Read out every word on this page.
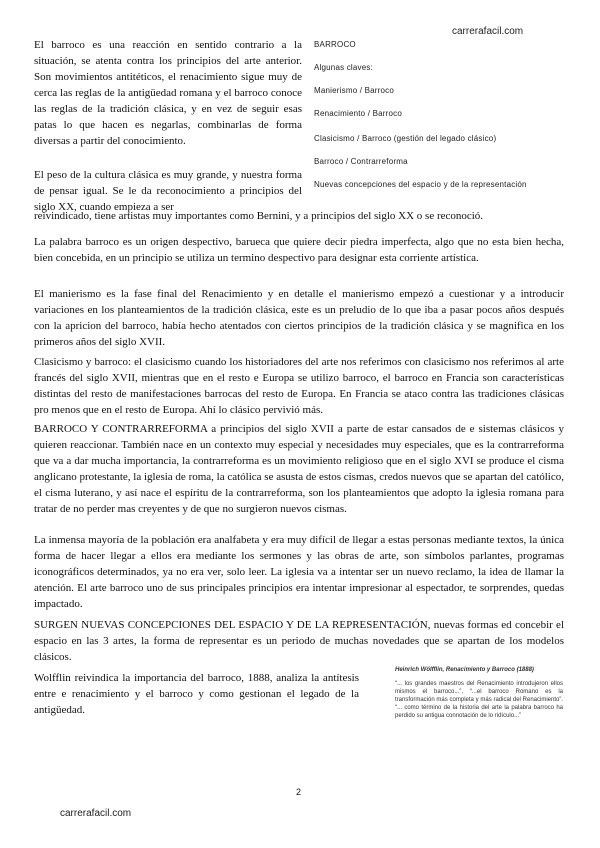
carrerafacil.com
BARROCO
Algunas claves:
Manierismo / Barroco
Renacimiento / Barroco
Clasicismo / Barroco (gestión del legado clásico)
Barroco / Contrarreforma
Nuevas concepciones del espacio y de la representación

El barroco es una reacción en sentido contrario a la situación, se atenta contra los principios del arte anterior. Son movimientos antitéticos, el renacimiento sigue muy de cerca las reglas de la antigüedad romana y el barroco conoce las reglas de la tradición clásica, y en vez de seguir esas patas lo que hacen es negarlas, combinarlas de forma diversas a partir del conocimiento.

El peso de la cultura clásica es muy grande, y nuestra forma de pensar igual. Se le da reconocimiento a principios del siglo XX, cuando empieza a ser

reivindicado, tiene artistas muy importantes como Bernini, y a principios del siglo XX o se reconoció.

La palabra barroco es un origen despectivo, barueca que quiere decir piedra imperfecta, algo que no esta bien hecha, bien concebida, en un principio se utiliza un termino despectivo para designar esta corriente artística.

El manierismo es la fase final del Renacimiento y en detalle el manierismo empezó a cuestionar y a introducir variaciones en los planteamientos de la tradición clásica, este es un preludio de lo que iba a pasar pocos años después con la apricion del barroco, había hecho atentados con ciertos principios de la tradición clásica y se magnifica en los primeros años del siglo XVII.

Clasicismo y barroco: el clasicismo cuando los historiadores del arte nos referimos con clasicismo nos referimos al arte francés del siglo XVII, mientras que en el resto e Europa se utilizo barroco, el barroco en Francia son características distintas del resto de manifestaciones barrocas del resto de Europa. En Francia se ataco contra las tradiciones clásicas pro menos que en el resto de Europa. Ahí lo clásico pervivió más.

BARROCO Y CONTRARREFORMA a principios del siglo XVII a parte de estar cansados de e sistemas clásicos y quieren reaccionar. También nace en un contexto muy especial y necesidades muy especiales, que es la contrarreforma que va a dar mucha importancia, la contrarreforma es un movimiento religioso que en el siglo XVI se produce el cisma anglicano protestante, la iglesia de roma, la católica se asusta de estos cismas, credos nuevos que se apartan del católico, el cisma luterano, y así nace el espíritu de la contrarreforma, son los planteamientos que adopto la iglesia romana para tratar de no perder mas creyentes y de que no surgieron nuevos cismas.

La inmensa mayoría de la población era analfabeta y era muy difícil de llegar a estas personas mediante textos, la única forma de hacer llegar a ellos era mediante los sermones y las obras de arte, son símbolos parlantes, programas iconográficos determinados, ya no era ver, solo leer. La iglesia va a intentar ser un nuevo reclamo, la idea de llamar la atención. El arte barroco uno de sus principales principios era intentar impresionar al espectador, te sorprendes, quedas impactado.

SURGEN NUEVAS CONCEPCIONES DEL ESPACIO Y DE LA REPRESENTACIÓN, nuevas formas ed concebir el espacio en las 3 artes, la forma de representar es un periodo de muchas novedades que se apartan de los modelos clásicos.

Wolfflin reivindica la importancia del barroco, 1888, analiza la antítesis entre e renacimiento y el barroco y como gestionan el legado de la antigüedad.

Heinrich Wölfflin, Renacimiento y Barroco (1888)
“... los grandes maestros del Renacimiento introdujeron ellos mismos el barroco...”, “...el barroco Romano es la transformación más completa y más radical del Renacimiento”. “... como término de la historia del arte la palabra barroco ha perdido su antigua connotación de lo ridículo...”
2
carrerafacil.com
